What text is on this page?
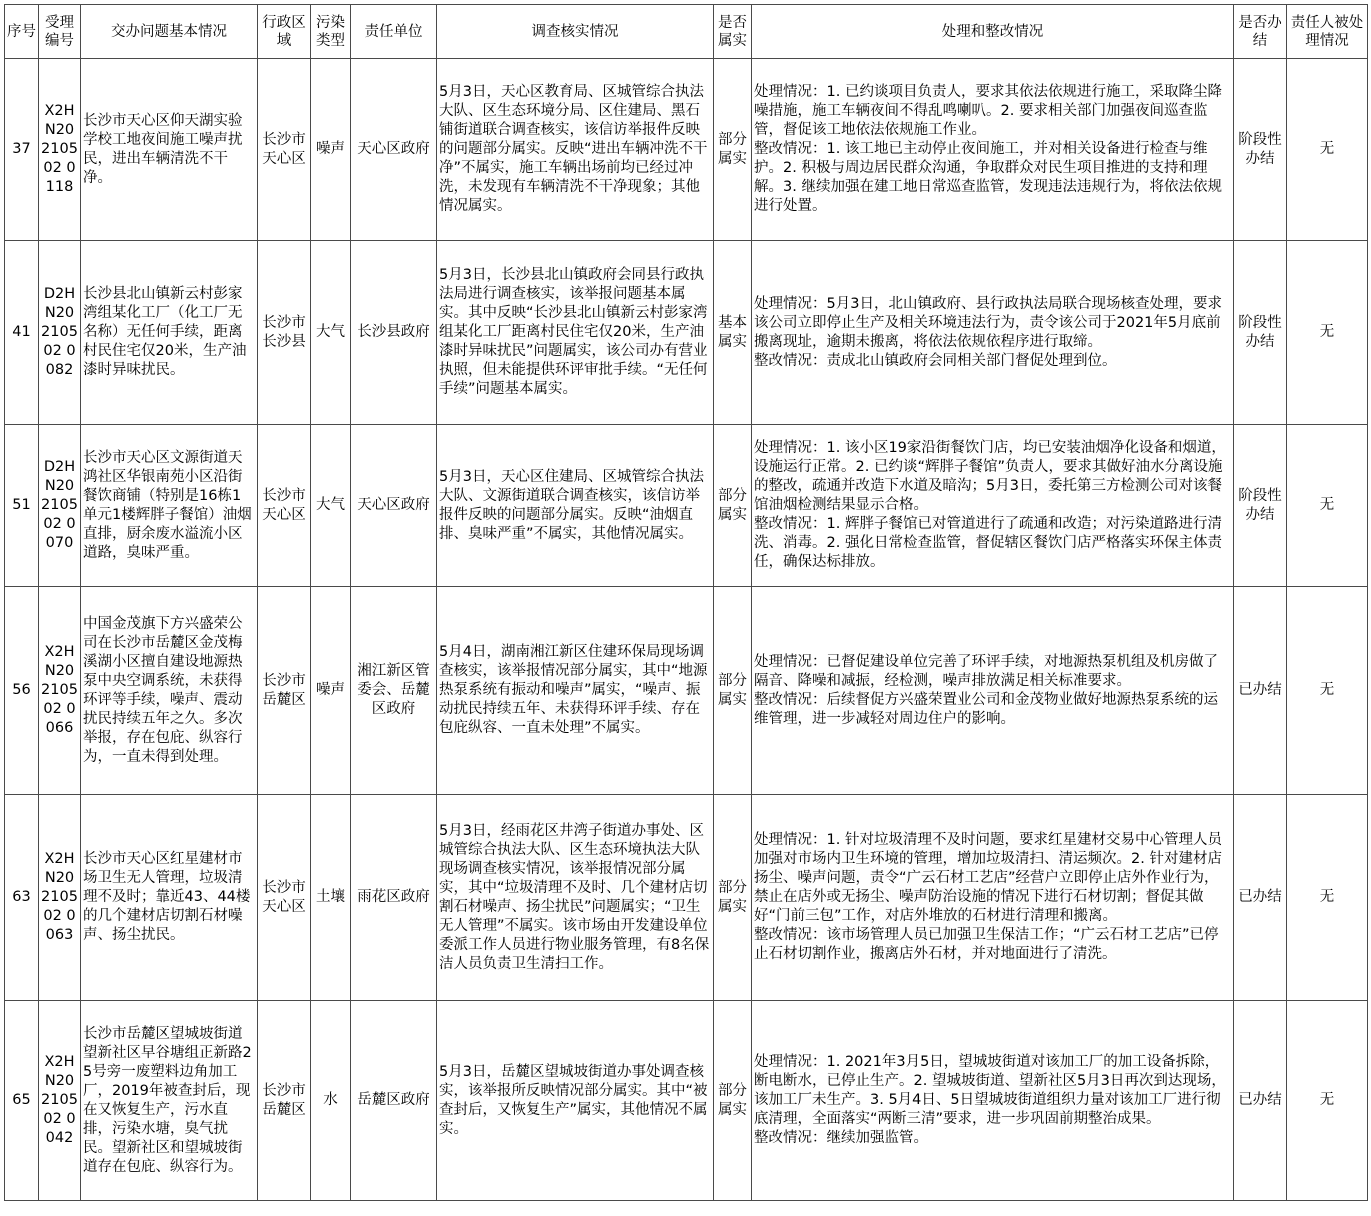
序号	受理编号	交办问题基本情况	行政区域	污染类型	责任单位	调查核实情况	是否属实	处理和整改情况	是否办结	责任人被处理情况
37	X2HN20210502 0118	长沙市天心区仰天湖实验学校工地夜间施工噪声扰民，进出车辆清洗不干净。	长沙市天心区	噪声	天心区政府	5月3日，天心区教育局、区城管综合执法大队、区生态环境分局、区住建局、黑石铺街道联合调查核实，该信访举报件反映的问题部分属实。反映“进出车辆冲洗不干净”不属实，施工车辆出场前均已经过冲洗，未发现有车辆清洗不干净现象；其他情况属实。	部分属实	处理情况：1. 已约谈项目负责人，要求其依法依规进行施工，采取降尘降噪措施，施工车辆夜间不得乱鸣喇叭。2. 要求相关部门加强夜间巡查监管，督促该工地依法依规施工作业。
整改情况：1. 该工地已主动停止夜间施工，并对相关设备进行检查与维护。2. 积极与周边居民群众沟通，争取群众对民生项目推进的支持和理解。3. 继续加强在建工地日常巡查监管，发现违法违规行为，将依法依规进行处置。	阶段性办结	无
41	D2HN20210502 0082	长沙县北山镇新云村彭家湾组某化工厂（化工厂无名称）无任何手续，距离村民住宅仅20米，生产油漆时异味扰民。	长沙市长沙县	大气	长沙县政府	5月3日，长沙县北山镇政府会同县行政执法局进行调查核实，该举报问题基本属实。其中反映“长沙县北山镇新云村彭家湾组某化工厂距离村民住宅仅20米，生产油漆时异味扰民”问题属实，该公司办有营业执照，但未能提供环评审批手续。“无任何手续”问题基本属实。	基本属实	处理情况：5月3日，北山镇政府、县行政执法局联合现场核查处理，要求该公司立即停止生产及相关环境违法行为，责令该公司于2021年5月底前搬离现址，逾期未搬离，将依法依规依程序进行取缔。
整改情况：责成北山镇政府会同相关部门督促处理到位。	阶段性办结	无
51	D2HN20210502 0070	长沙市天心区文源街道天鸿社区华银南苑小区沿街餐饮商铺（特别是16栋1单元1楼辉胖子餐馆）油烟直排，厨余废水溢流小区道路，臭味严重。	长沙市天心区	大气	天心区政府	5月3日，天心区住建局、区城管综合执法大队、文源街道联合调查核实，该信访举报件反映的问题部分属实。反映“油烟直排、臭味严重”不属实，其他情况属实。	部分属实	处理情况：1. 该小区19家沿街餐饮门店，均已安装油烟净化设备和烟道，设施运行正常。2. 已约谈“辉胖子餐馆”负责人，要求其做好油水分离设施的整改，疏通并改造下水道及暗沟；5月3日，委托第三方检测公司对该餐馆油烟检测结果显示合格。
整改情况：1. 辉胖子餐馆已对管道进行了疏通和改造；对污染道路进行清洗、消毒。2. 强化日常检查监管，督促辖区餐饮门店严格落实环保主体责任，确保达标排放。	阶段性办结	无
56	X2HN20210502 0066	中国金茂旗下方兴盛荣公司在长沙市岳麓区金茂梅溪湖小区擅自建设地源热泵中央空调系统，未获得环评等手续，噪声、震动扰民持续五年之久。多次举报，存在包庇、纵容行为，一直未得到处理。	长沙市岳麓区	噪声	湘江新区管委会、岳麓区政府	5月4日，湖南湘江新区住建环保局现场调查核实，该举报情况部分属实，其中“地源热泵系统有振动和噪声”属实，“噪声、振动扰民持续五年、未获得环评手续、存在包庇纵容、一直未处理”不属实。	部分属实	处理情况：已督促建设单位完善了环评手续，对地源热泵机组及机房做了隔音、降噪和减振，经检测，噪声排放满足相关标准要求。
整改情况：后续督促方兴盛荣置业公司和金茂物业做好地源热泵系统的运维管理，进一步减轻对周边住户的影响。	已办结	无
63	X2HN20210502 0063	长沙市天心区红星建材市场卫生无人管理，垃圾清理不及时；靠近43、44楼的几个建材店切割石材噪声、扬尘扰民。	长沙市天心区	土壤	雨花区政府	5月3日，经雨花区井湾子街道办事处、区城管综合执法大队、区生态环境执法大队现场调查核实情况，该举报情况部分属实，其中“垃圾清理不及时、几个建材店切割石材噪声、扬尘扰民”问题属实；“卫生无人管理”不属实。该市场由开发建设单位委派工作人员进行物业服务管理，有8名保洁人员负责卫生清扫工作。	部分属实	处理情况：1. 针对垃圾清理不及时问题，要求红星建材交易中心管理人员加强对市场内卫生环境的管理，增加垃圾清扫、清运频次。2. 针对建材店扬尘、噪声问题，责令“广云石材工艺店”经营户立即停止店外作业行为，禁止在店外或无扬尘、噪声防治设施的情况下进行石材切割；督促其做好“门前三包”工作，对店外堆放的石材进行清理和搬离。
整改情况：该市场管理人员已加强卫生保洁工作；“广云石材工艺店”已停止石材切割作业，搬离店外石材，并对地面进行了清洗。	已办结	无
65	X2HN20210502 0042	长沙市岳麓区望城坡街道望新社区早谷塘组正新路25号旁一废塑料边角加工厂，2019年被查封后，现在又恢复生产，污水直排，污染水塘，臭气扰民。望新社区和望城坡街道存在包庇、纵容行为。	长沙市岳麓区	水	岳麓区政府	5月3日，岳麓区望城坡街道办事处调查核实，该举报所反映情况部分属实。其中“被查封后，又恢复生产”属实，其他情况不属实。	部分属实	处理情况：1. 2021年3月5日，望城坡街道对该加工厂的加工设备拆除，断电断水，已停止生产。2. 望城坡街道、望新社区5月3日再次到达现场，该加工厂未生产。3. 5月4日、5日望城坡街道组织力量对该加工厂进行彻底清理，全面落实“两断三清”要求，进一步巩固前期整治成果。
整改情况：继续加强监管。	已办结	无
